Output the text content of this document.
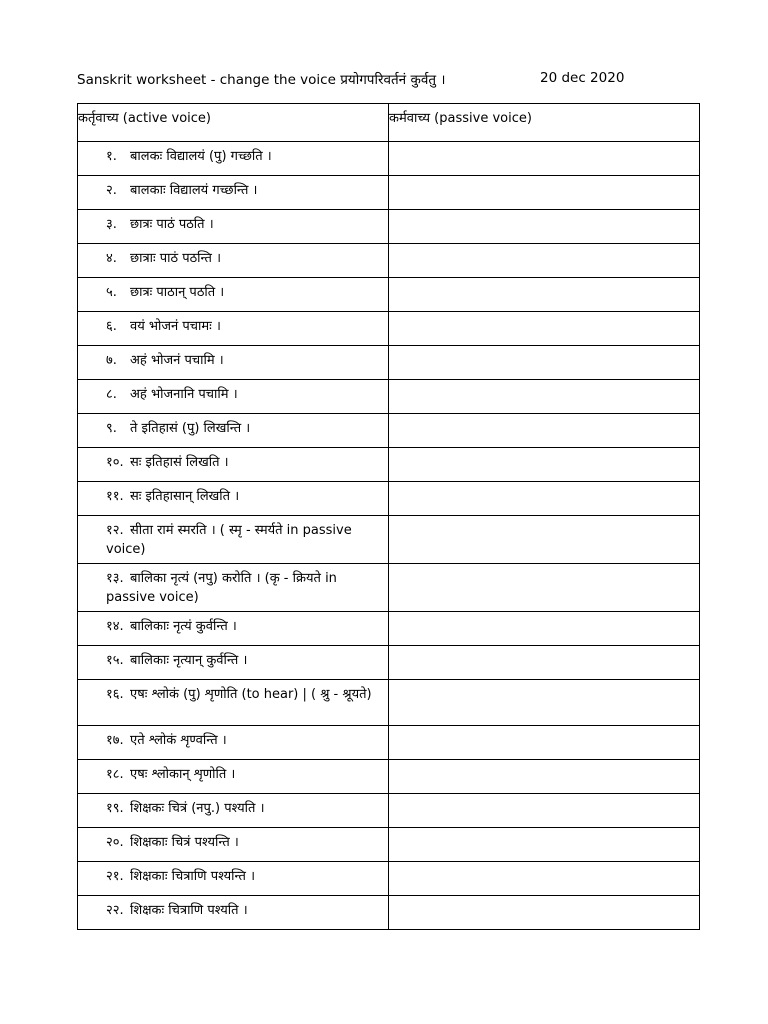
Sanskrit worksheet - change the voice प्रयोगपरिवर्तनं कुर्वतु ।	20 dec 2020
कर्तृवाच्य (active voice)	कर्मवाच्य (passive voice)

१. बालकः विद्यालयं (पु) गच्छति ।	

२. बालकाः विद्यालयं गच्छन्ति ।	

३. छात्रः पाठं पठति ।	

४. छात्राः पाठं पठन्ति ।	

५. छात्रः पाठान् पठति ।	

६. वयं भोजनं पचामः ।	

७. अहं भोजनं पचामि ।	

८. अहं भोजनानि पचामि ।	

९. ते इतिहासं (पु) लिखन्ति ।	

१०. सः इतिहासं लिखति ।	

११. सः इतिहासान् लिखति ।	

१२. सीता रामं स्मरति । ( स्मृ - स्मर्यते in passive voice)	

१३. बालिका नृत्यं (नपु) करोति । (कृ - क्रियते in passive voice)	

१४. बालिकाः नृत्यं कुर्वन्ति ।	

१५. बालिकाः नृत्यान् कुर्वन्ति ।	

१६. एषः श्लोकं (पु) शृणोति (to hear) | ( श्रु - श्रूयते)	

१७. एते श्लोकं शृण्वन्ति ।	

१८. एषः श्लोकान् शृणोति ।	

१९. शिक्षकः चित्रं (नपु.) पश्यति ।	

२०. शिक्षकाः चित्रं पश्यन्ति ।	

२१. शिक्षकाः चित्राणि पश्यन्ति ।	

२२. शिक्षकः चित्राणि पश्यति ।	
